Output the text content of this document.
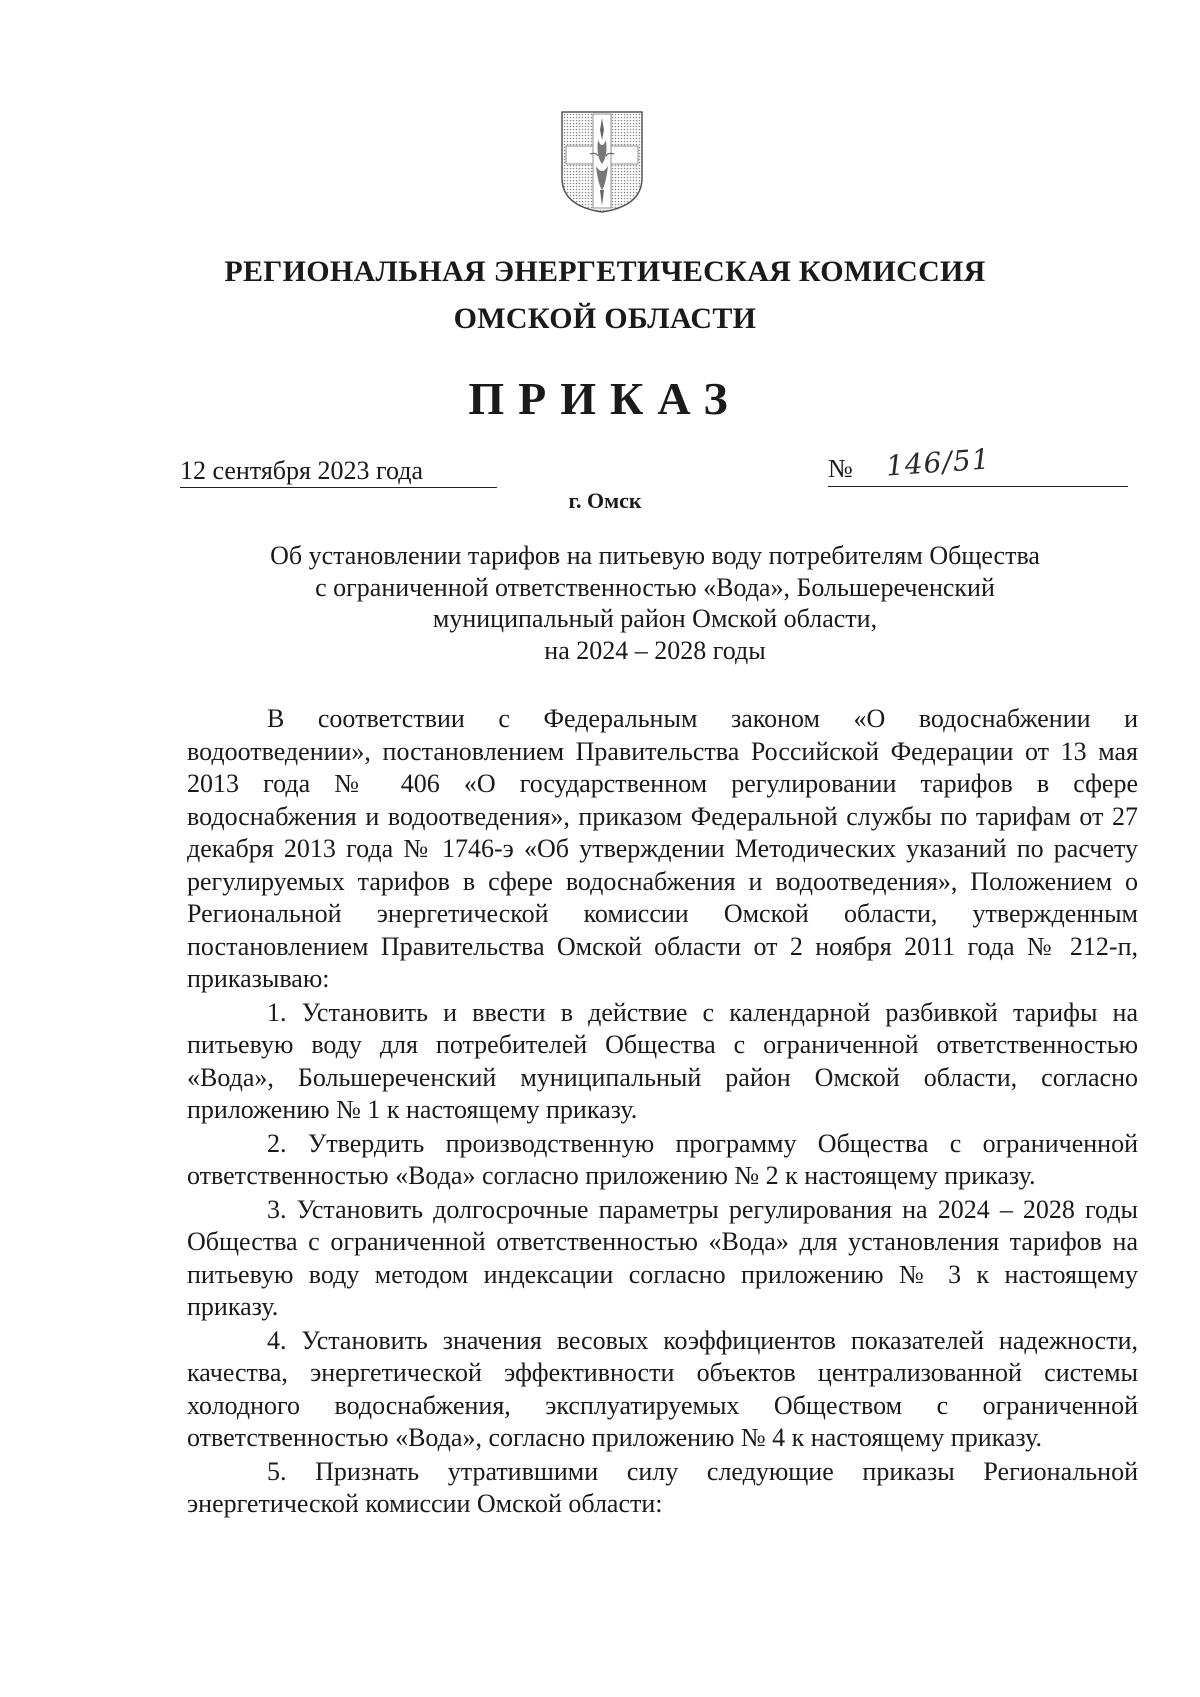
РЕГИОНАЛЬНАЯ ЭНЕРГЕТИЧЕСКАЯ КОМИССИЯ
ОМСКОЙ ОБЛАСТИ
ПРИКАЗ
12 сентября 2023 года	№ 146/51
г. Омск
Об установлении тарифов на питьевую воду потребителям Общества
с ограниченной ответственностью «Вода», Большереченский
муниципальный район Омской области,
на 2024 – 2028 годы

В соответствии с Федеральным законом «О водоснабжении и водоотведении», постановлением Правительства Российской Федерации от 13 мая 2013 года № 406 «О государственном регулировании тарифов в сфере водоснабжения и водоотведения», приказом Федеральной службы по тарифам от 27 декабря 2013 года № 1746-э «Об утверждении Методических указаний по расчету регулируемых тарифов в сфере водоснабжения и водоотведения», Положением о Региональной энергетической комиссии Омской области, утвержденным постановлением Правительства Омской области от 2 ноября 2011 года № 212-п, приказываю:

1. Установить и ввести в действие с календарной разбивкой тарифы на питьевую воду для потребителей Общества с ограниченной ответственностью «Вода», Большереченский муниципальный район Омской области, согласно приложению № 1 к настоящему приказу.

2. Утвердить производственную программу Общества с ограниченной ответственностью «Вода» согласно приложению № 2 к настоящему приказу.

3. Установить долгосрочные параметры регулирования на 2024 – 2028 годы Общества с ограниченной ответственностью «Вода» для установления тарифов на питьевую воду методом индексации согласно приложению № 3 к настоящему приказу.

4. Установить значения весовых коэффициентов показателей надежности, качества, энергетической эффективности объектов централизованной системы холодного водоснабжения, эксплуатируемых Обществом с ограниченной ответственностью «Вода», согласно приложению № 4 к настоящему приказу.

5. Признать утратившими силу следующие приказы Региональной энергетической комиссии Омской области:
